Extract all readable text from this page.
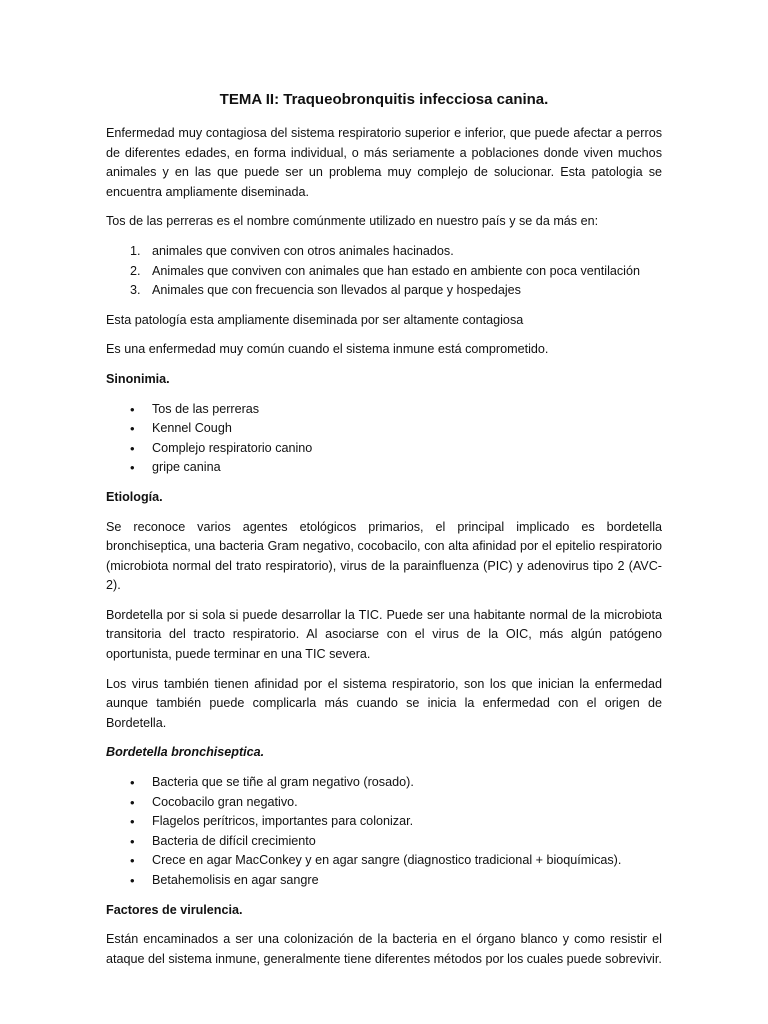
TEMA II: Traqueobronquitis infecciosa canina.

Enfermedad muy contagiosa del sistema respiratorio superior e inferior, que puede afectar a perros de diferentes edades, en forma individual, o más seriamente a poblaciones donde viven muchos animales y en las que puede ser un problema muy complejo de solucionar. Esta patologia se encuentra ampliamente diseminada.

Tos de las perreras es el nombre comúnmente utilizado en nuestro país y se da más en:

1. animales que conviven con otros animales hacinados.
2. Animales que conviven con animales que han estado en ambiente con poca ventilación
3. Animales que con frecuencia son llevados al parque y hospedajes

Esta patología esta ampliamente diseminada por ser altamente contagiosa

Es una enfermedad muy común cuando el sistema inmune está comprometido.

Sinonimia.
• Tos de las perreras
• Kennel Cough
• Complejo respiratorio canino
• gripe canina
Etiología.

Se reconoce varios agentes etológicos primarios, el principal implicado es bordetella bronchiseptica, una bacteria Gram negativo, cocobacilo, con alta afinidad por el epitelio respiratorio (microbiota normal del trato respiratorio), virus de la parainfluenza (PIC) y adenovirus tipo 2 (AVC-2).

Bordetella por si sola si puede desarrollar la TIC. Puede ser una habitante normal de la microbiota transitoria del tracto respiratorio. Al asociarse con el virus de la OIC, más algún patógeno oportunista, puede terminar en una TIC severa.

Los virus también tienen afinidad por el sistema respiratorio, son los que inician la enfermedad aunque también puede complicarla más cuando se inicia la enfermedad con el origen de Bordetella.

Bordetella bronchiseptica.
• Bacteria que se tiñe al gram negativo (rosado).
• Cocobacilo gran negativo.
• Flagelos perítricos, importantes para colonizar.
• Bacteria de difícil crecimiento
• Crece en agar MacConkey y en agar sangre (diagnostico tradicional + bioquímicas).
• Betahemolisis en agar sangre
Factores de virulencia.

Están encaminados a ser una colonización de la bacteria en el órgano blanco y como resistir el ataque del sistema inmune, generalmente tiene diferentes métodos por los cuales puede sobrevivir.
